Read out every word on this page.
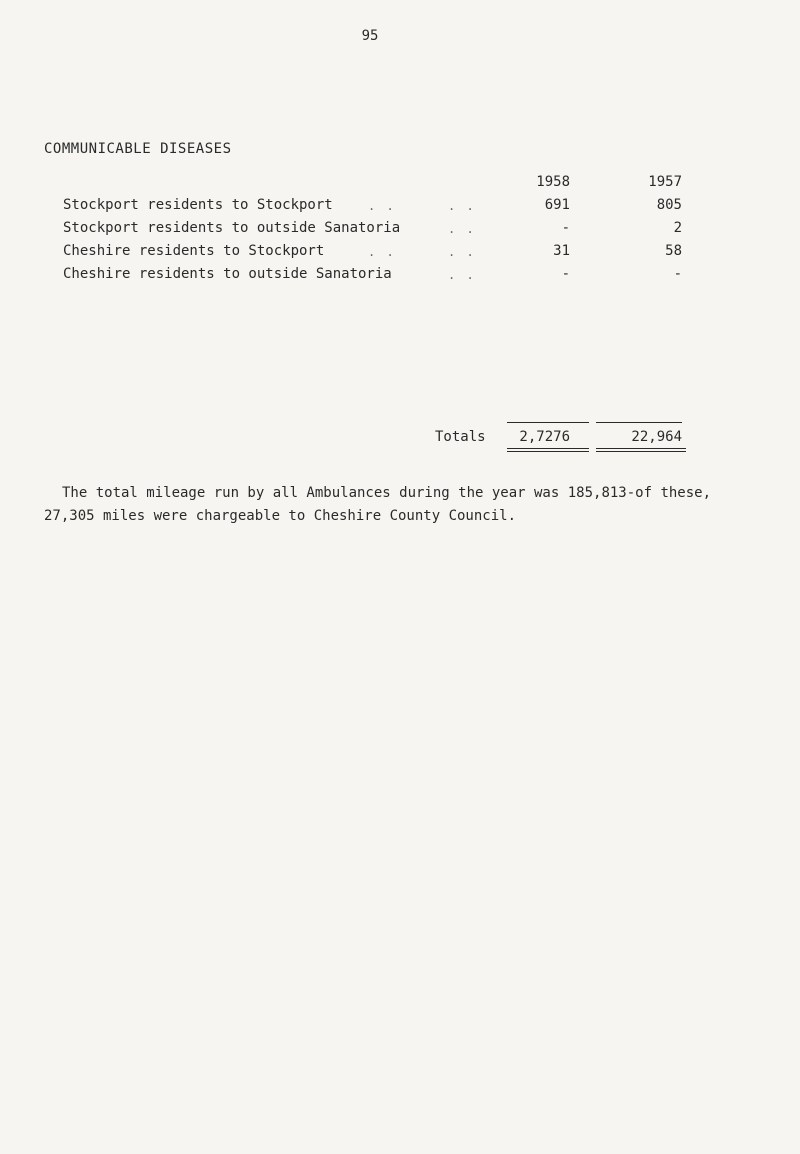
95
COMMUNICABLE DISEASES
1958	1957
Stockport residents to Stockport	. .	. .	691	805
Stockport residents to outside Sanatoria	. .	-	2
Cheshire residents to Stockport	. .	. .	31	58
Cheshire residents to outside Sanatoria	. .	-	-
Totals	2,7276	22,964
The total mileage run by all Ambulances during the year was 185,813-of these, 27,305 miles were chargeable to Cheshire County Council.
